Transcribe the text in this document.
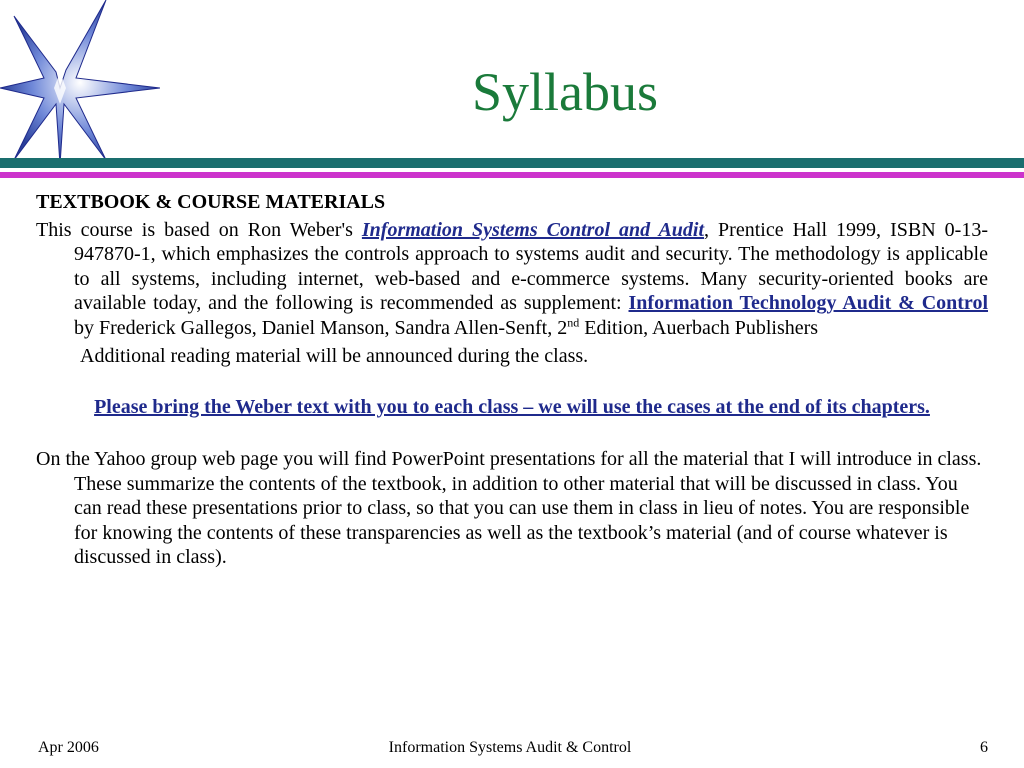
Syllabus

TEXTBOOK & COURSE MATERIALS

This course is based on Ron Weber's Information Systems Control and Audit, Prentice Hall 1999, ISBN 0-13-947870-1, which emphasizes the controls approach to systems audit and security. The methodology is applicable to all systems, including internet, web-based and e-commerce systems. Many security-oriented books are available today, and the following is recommended as supplement: Information Technology Audit & Control by Frederick Gallegos, Daniel Manson, Sandra Allen-Senft, 2nd Edition, Auerbach Publishers

Additional reading material will be announced during the class.

Please bring the Weber text with you to each class – we will use the cases at the end of its chapters.

On the Yahoo group web page you will find PowerPoint presentations for all the material that I will introduce in class. These summarize the contents of the textbook, in addition to other material that will be discussed in class. You can read these presentations prior to class, so that you can use them in class in lieu of notes. You are responsible for knowing the contents of these transparencies as well as the textbook’s material (and of course whatever is discussed in class).

Apr 2006	Information Systems Audit & Control	6
